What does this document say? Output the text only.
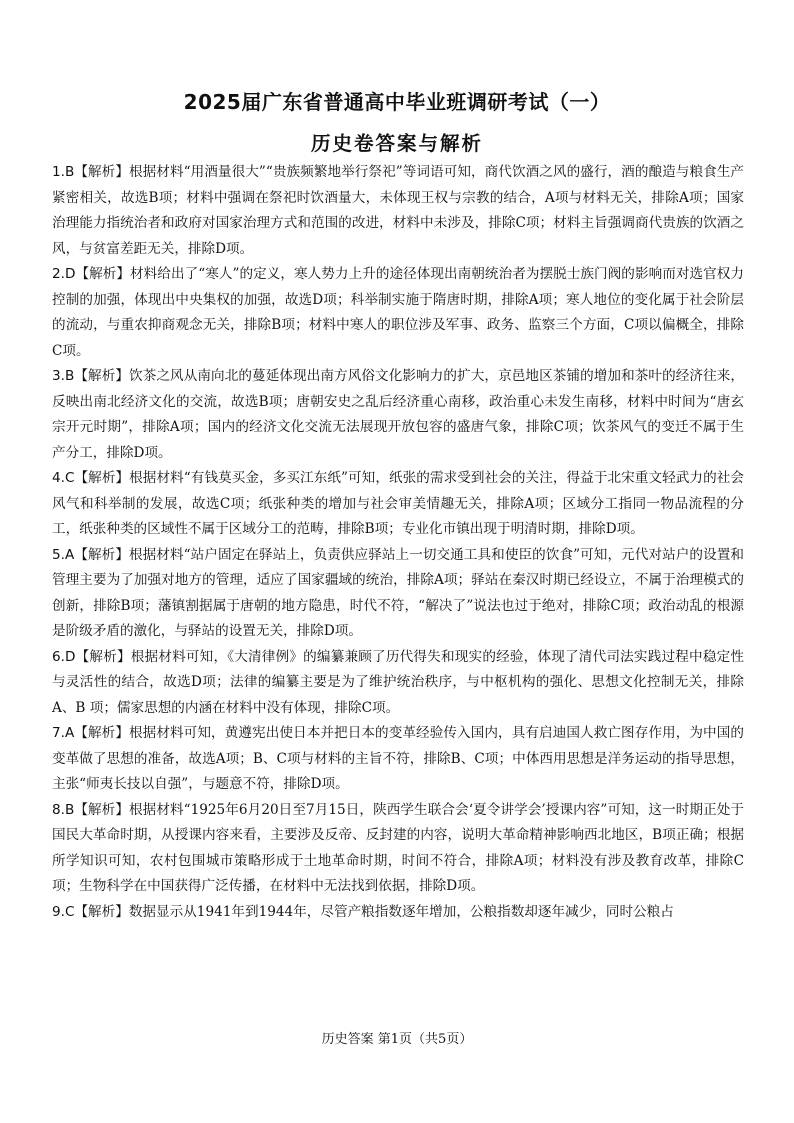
2025届广东省普通高中毕业班调研考试（一）
历史卷答案与解析

1.B【解析】根据材料“用酒量很大”“贵族频繁地举行祭祀”等词语可知，商代饮酒之风的盛行，酒的酿造与粮食生产紧密相关，故选B项；材料中强调在祭祀时饮酒量大，未体现王权与宗教的结合，A项与材料无关，排除A项；国家治理能力指统治者和政府对国家治理方式和范围的改进，材料中未涉及，排除C项；材料主旨强调商代贵族的饮酒之风，与贫富差距无关，排除D项。

2.D【解析】材料给出了“寒人”的定义，寒人势力上升的途径体现出南朝统治者为摆脱士族门阀的影响而对选官权力控制的加强，体现出中央集权的加强，故选D项；科举制实施于隋唐时期，排除A项；寒人地位的变化属于社会阶层的流动，与重农抑商观念无关，排除B项；材料中寒人的职位涉及军事、政务、监察三个方面，C项以偏概全，排除C项。

3.B【解析】饮茶之风从南向北的蔓延体现出南方风俗文化影响力的扩大，京邑地区茶铺的增加和茶叶的经济往来，反映出南北经济文化的交流，故选B项；唐朝安史之乱后经济重心南移，政治重心未发生南移，材料中时间为“唐玄宗开元时期”，排除A项；国内的经济文化交流无法展现开放包容的盛唐气象，排除C项；饮茶风气的变迁不属于生产分工，排除D项。

4.C【解析】根据材料“有钱莫买金，多买江东纸”可知，纸张的需求受到社会的关注，得益于北宋重文轻武力的社会风气和科举制的发展，故选C项；纸张种类的增加与社会审美情趣无关，排除A项；区域分工指同一物品流程的分工，纸张种类的区域性不属于区域分工的范畴，排除B项；专业化市镇出现于明清时期，排除D项。

5.A【解析】根据材料“站户固定在驿站上，负责供应驿站上一切交通工具和使臣的饮食”可知，元代对站户的设置和管理主要为了加强对地方的管理，适应了国家疆域的统治，排除A项；驿站在秦汉时期已经设立，不属于治理模式的创新，排除B项；藩镇割据属于唐朝的地方隐患，时代不符，“解决了”说法也过于绝对，排除C项；政治动乱的根源是阶级矛盾的激化，与驿站的设置无关，排除D项。

6.D【解析】根据材料可知，《大清律例》的编纂兼顾了历代得失和现实的经验，体现了清代司法实践过程中稳定性与灵活性的结合，故选D项；法律的编纂主要是为了维护统治秩序，与中枢机构的强化、思想文化控制无关，排除A、B 项；儒家思想的内涵在材料中没有体现，排除C项。

7.A【解析】根据材料可知，黄遵宪出使日本并把日本的变革经验传入国内，具有启迪国人救亡图存作用，为中国的变革做了思想的准备，故选A项；B、C项与材料的主旨不符，排除B、C项；中体西用思想是洋务运动的指导思想，主张“师夷长技以自强”，与题意不符，排除D项。

8.B【解析】根据材料“1925年6月20日至7月15日，陕西学生联合会‘夏令讲学会’授课内容”可知，这一时期正处于国民大革命时期，从授课内容来看，主要涉及反帝、反封建的内容，说明大革命精神影响西北地区，B项正确；根据所学知识可知，农村包围城市策略形成于土地革命时期，时间不符合，排除A项；材料没有涉及教育改革，排除C项；生物科学在中国获得广泛传播，在材料中无法找到依据，排除D项。

9.C【解析】数据显示从1941年到1944年，尽管产粮指数逐年增加，公粮指数却逐年减少，同时公粮占

历史答案 第1页（共5页）
